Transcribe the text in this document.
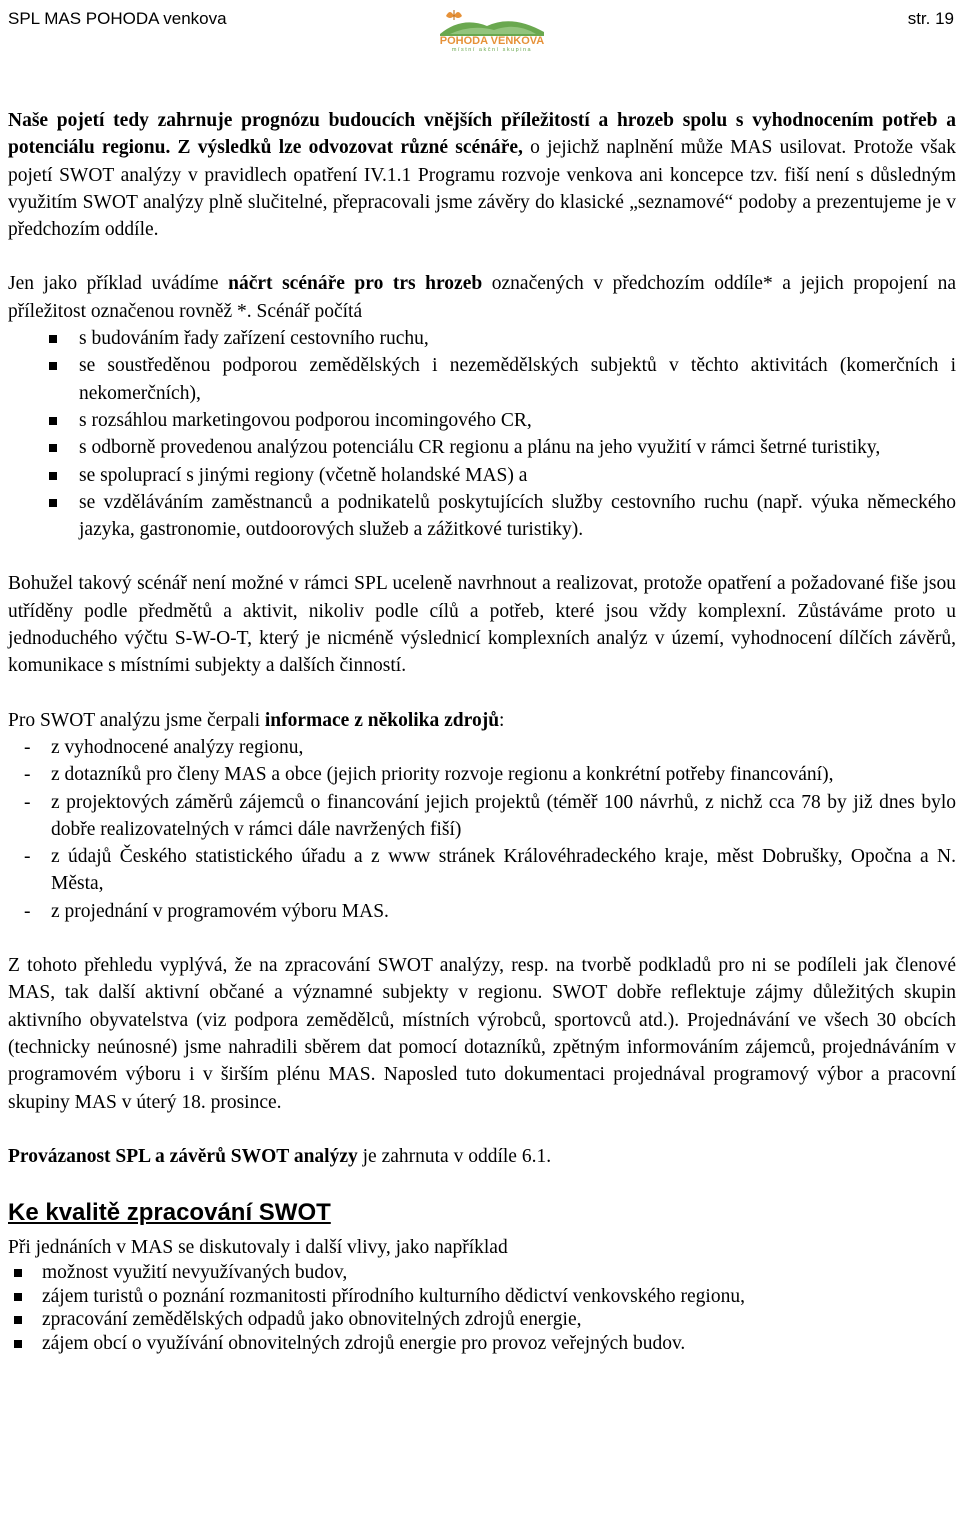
SPL MAS POHODA venkova
POHODA VENKOVA
místní akční skupina
str. 19

Naše pojetí tedy zahrnuje prognózu budoucích vnějších příležitostí a hrozeb spolu s vyhodnocením potřeb a potenciálu regionu. Z výsledků lze odvozovat různé scénáře, o jejichž naplnění může MAS usilovat. Protože však pojetí SWOT analýzy v pravidlech opatření IV.1.1 Programu rozvoje venkova ani koncepce tzv. fiší není s důsledným využitím SWOT analýzy plně slučitelné, přepracovali jsme závěry do klasické „seznamové“ podoby a prezentujeme je v předchozím oddíle.

Jen jako příklad uvádíme náčrt scénáře pro trs hrozeb označených v předchozím oddíle* a jejich propojení na příležitost označenou rovněž *. Scénář počítá

s budováním řady zařízení cestovního ruchu,
se soustředěnou podporou zemědělských i nezemědělských subjektů v těchto aktivitách (komerčních i nekomerčních),
s rozsáhlou marketingovou podporou incomingového CR,
s odborně provedenou analýzou potenciálu CR regionu a plánu na jeho využití v rámci šetrné turistiky,
se spoluprací s jinými regiony (včetně holandské MAS) a
se vzděláváním zaměstnanců a podnikatelů poskytujících služby cestovního ruchu (např. výuka německého jazyka, gastronomie, outdoorových služeb a zážitkové turistiky).

Bohužel takový scénář není možné v rámci SPL uceleně navrhnout a realizovat, protože opatření a požadované fiše jsou utříděny podle předmětů a aktivit, nikoliv podle cílů a potřeb, které jsou vždy komplexní. Zůstáváme proto u jednoduchého výčtu S-W-O-T, který je nicméně výslednicí komplexních analýz v území, vyhodnocení dílčích závěrů, komunikace s místními subjekty a dalších činností.

Pro SWOT analýzu jsme čerpali informace z několika zdrojů:

- z vyhodnocené analýzy regionu,
- z dotazníků pro členy MAS a obce (jejich priority rozvoje regionu a konkrétní potřeby financování),
- z projektových záměrů zájemců o financování jejich projektů (téměř 100 návrhů, z nichž cca 78 by již dnes bylo dobře realizovatelných v rámci dále navržených fiší)
- z údajů Českého statistického úřadu a z www stránek Královéhradeckého kraje, měst Dobrušky, Opočna a N. Města,
- z projednání v programovém výboru MAS.

Z tohoto přehledu vyplývá, že na zpracování SWOT analýzy, resp. na tvorbě podkladů pro ni se podíleli jak členové MAS, tak další aktivní občané a významné subjekty v regionu. SWOT dobře reflektuje zájmy důležitých skupin aktivního obyvatelstva (viz podpora zemědělců, místních výrobců, sportovců atd.). Projednávání ve všech 30 obcích (technicky neúnosné) jsme nahradili sběrem dat pomocí dotazníků, zpětným informováním zájemců, projednáváním v programovém výboru i v širším plénu MAS. Naposled tuto dokumentaci projednával programový výbor a pracovní skupiny MAS v úterý 18. prosince.

Provázanost SPL a závěrů SWOT analýzy je zahrnuta v oddíle 6.1.

Ke kvalitě zpracování SWOT

Při jednáních v MAS se diskutovaly i další vlivy, jako například

možnost využití nevyužívaných budov,
zájem turistů o poznání rozmanitosti přírodního kulturního dědictví venkovského regionu,
zpracování zemědělských odpadů jako obnovitelných zdrojů energie,
zájem obcí o využívání obnovitelných zdrojů energie pro provoz veřejných budov.
